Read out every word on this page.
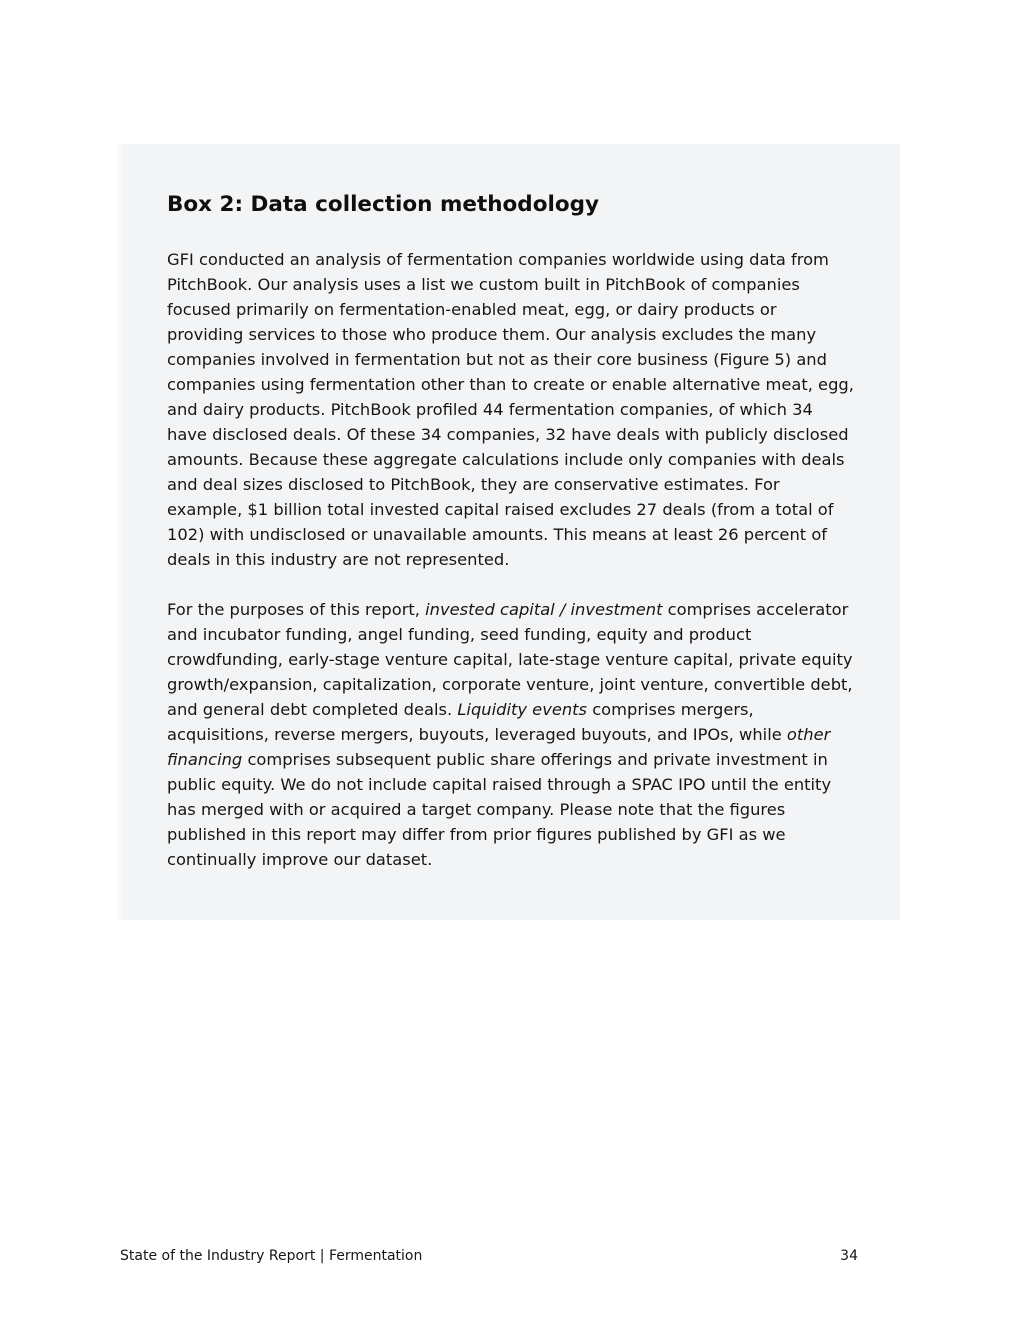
Box 2: Data collection methodology

GFI conducted an analysis of fermentation companies worldwide using data from
PitchBook. Our analysis uses a list we custom built in PitchBook of companies
focused primarily on fermentation-enabled meat, egg, or dairy products or
providing services to those who produce them. Our analysis excludes the many
companies involved in fermentation but not as their core business (Figure 5) and
companies using fermentation other than to create or enable alternative meat, egg,
and dairy products. PitchBook profiled 44 fermentation companies, of which 34
have disclosed deals. Of these 34 companies, 32 have deals with publicly disclosed
amounts. Because these aggregate calculations include only companies with deals
and deal sizes disclosed to PitchBook, they are conservative estimates. For
example, $1 billion total invested capital raised excludes 27 deals (from a total of
102) with undisclosed or unavailable amounts. This means at least 26 percent of
deals in this industry are not represented.

For the purposes of this report, invested capital / investment comprises accelerator
and incubator funding, angel funding, seed funding, equity and product
crowdfunding, early-stage venture capital, late-stage venture capital, private equity
growth/expansion, capitalization, corporate venture, joint venture, convertible debt,
and general debt completed deals. Liquidity events comprises mergers,
acquisitions, reverse mergers, buyouts, leveraged buyouts, and IPOs, while other
financing comprises subsequent public share offerings and private investment in
public equity. We do not include capital raised through a SPAC IPO until the entity
has merged with or acquired a target company. Please note that the figures
published in this report may differ from prior figures published by GFI as we
continually improve our dataset.

State of the Industry Report | Fermentation	34
